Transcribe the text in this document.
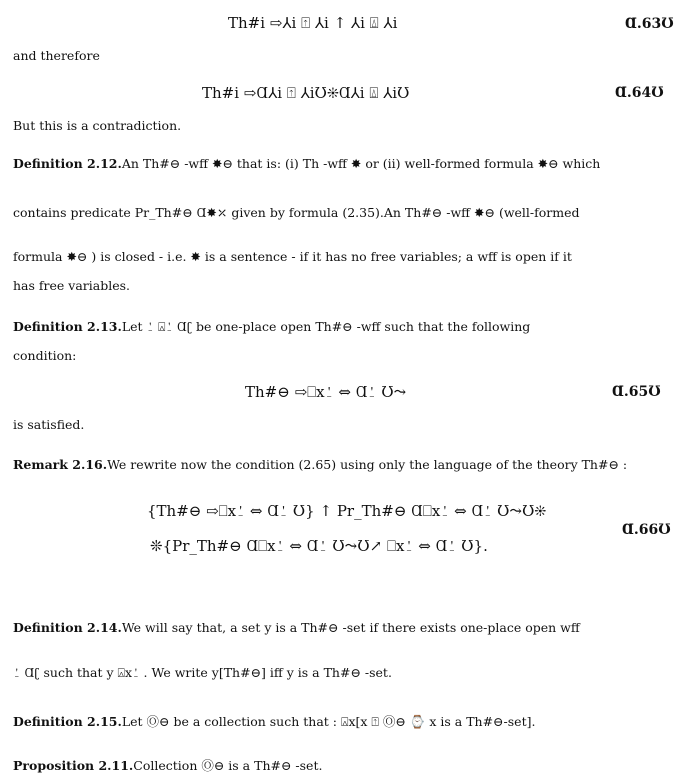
Th#i ⇨⅄i ⍐ ⅄i ↑ ⅄i ⍍ ⅄i	Ɑ.63Ʊ
and therefore
Th#i ⇨Ɑ⅄i ⍐ ⅄iƱ❊Ɑ⅄i ⍍ ⅄iƱ	Ɑ.64Ʊ
But this is a contradiction.
Definition 2.12.An Th#⊖ -wff ✸⊖ that is: (i) Th -wff ✸ or (ii) well-formed formula ✸⊖ which
contains predicate Pr_Th#⊖ Ɑ✸⤫ given by formula (2.35).An Th#⊖ -wff ✸⊖ (well-formed
formula ✸⊖ ) is closed - i.e. ✸ is a sentence - if it has no free variables; a wff is open if it
has free variables.
Definition 2.13.Let ⍘ ⍓⍘ Ɑʗ be one-place open Th#⊖ -wff such that the following
condition:
Th#⊖ ⇨⎕x⍘ ⇔ Ɑ⍘ Ʊ⤳	Ɑ.65Ʊ
is satisfied.
Remark 2.16.We rewrite now the condition (2.65) using only the language of the theory Th#⊖ :
{Th#⊖ ⇨⎕x⍘ ⇔ Ɑ⍘ Ʊ} ↑ Pr_Th#⊖ Ɑ⎕x⍘ ⇔ Ɑ⍘ Ʊ⤳Ʊ❊
❊{Pr_Th#⊖ Ɑ⎕x⍘ ⇔ Ɑ⍘ Ʊ⤳Ʊ↗ ⎕x⍘ ⇔ Ɑ⍘ Ʊ}.
Ɑ.66Ʊ
Definition 2.14.We will say that, a set y is a Th#⊖ -set if there exists one-place open wff
⍘ Ɑʗ such that y ⍓x⍘ . We write y[Th#⊖] iff y is a Th#⊖ -set.
Definition 2.15.Let Ⓞ⊖ be a collection such that : ⍓x[x ⍐ Ⓞ⊖ ⌚ x is a Th#⊖-set].
Proposition 2.11.Collection Ⓞ⊖ is a Th#⊖ -set.
